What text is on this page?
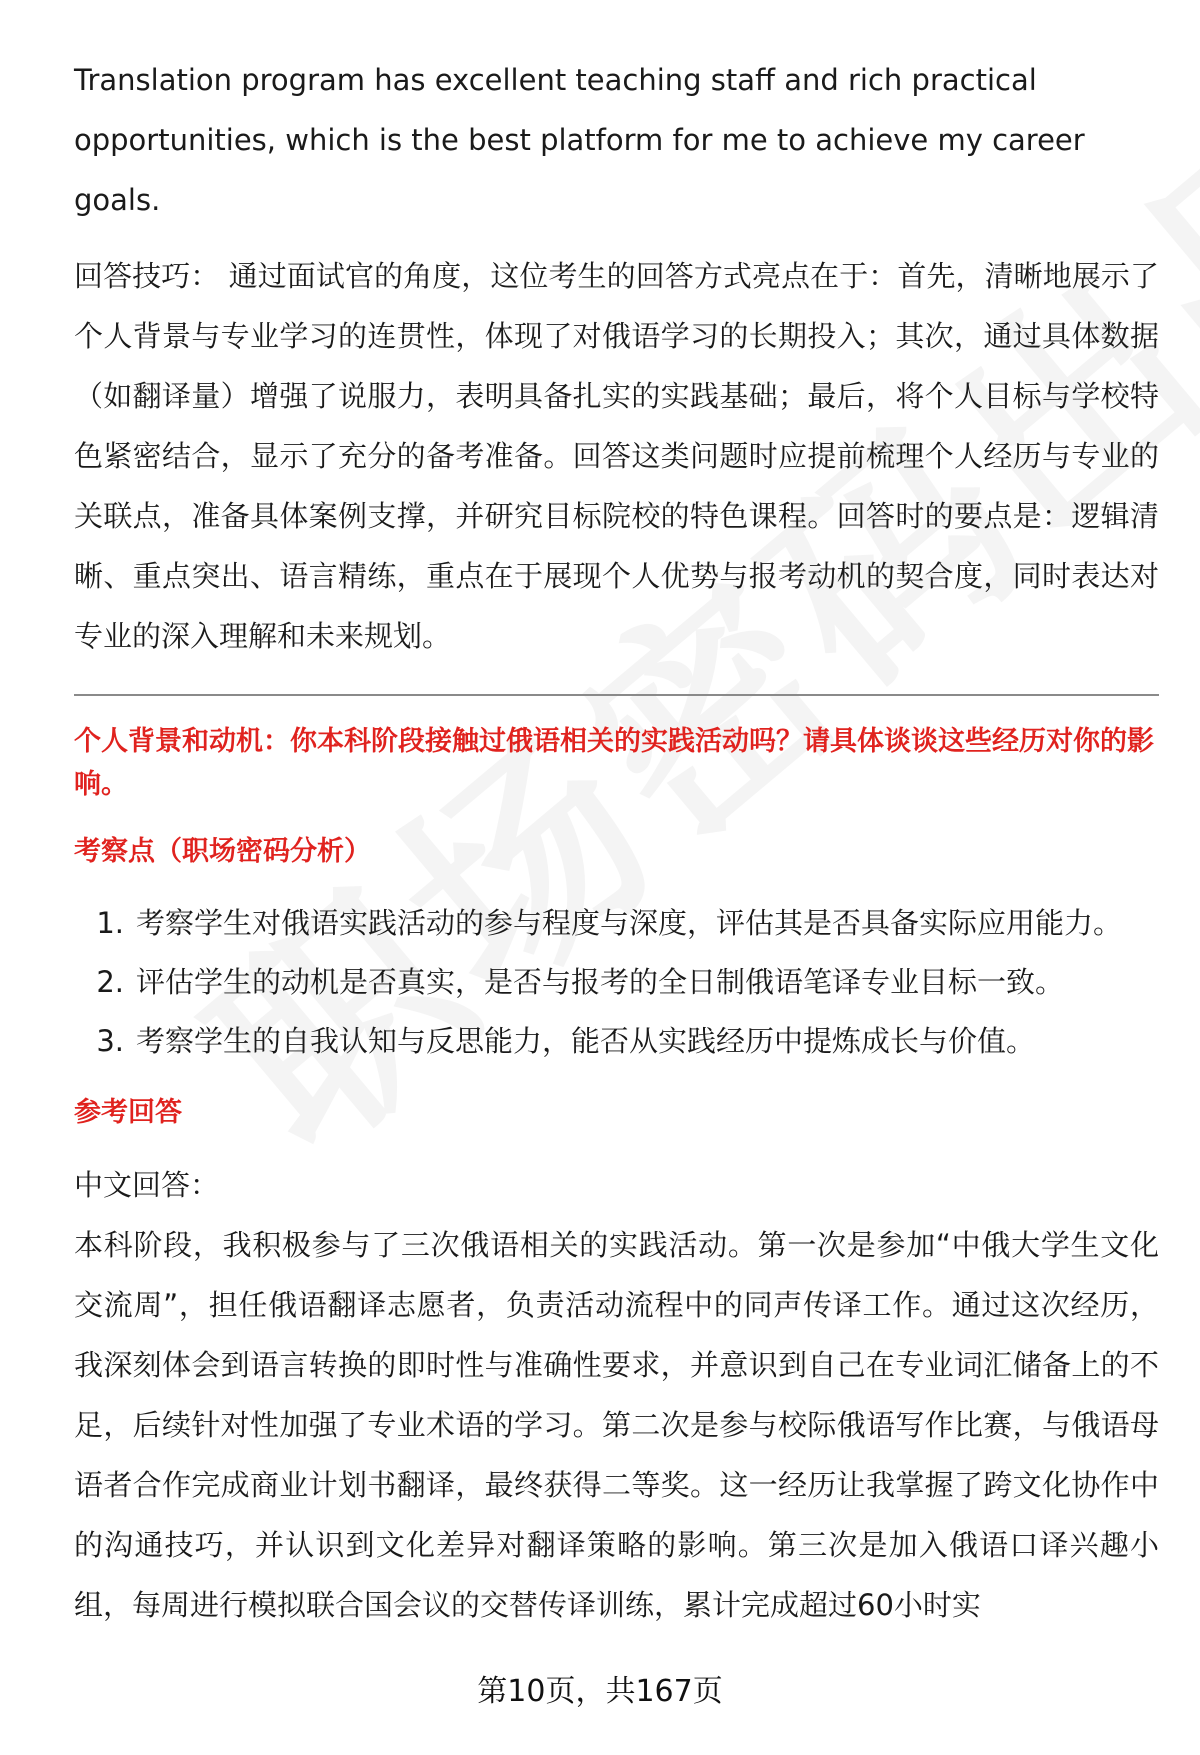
Translation program has excellent teaching staff and rich practical opportunities, which is the best platform for me to achieve my career goals.

回答技巧： 通过面试官的角度，这位考生的回答方式亮点在于：首先，清晰地展示了个人背景与专业学习的连贯性，体现了对俄语学习的长期投入；其次，通过具体数据（如翻译量）增强了说服力，表明具备扎实的实践基础；最后，将个人目标与学校特色紧密结合，显示了充分的备考准备。回答这类问题时应提前梳理个人经历与专业的关联点，准备具体案例支撑，并研究目标院校的特色课程。回答时的要点是：逻辑清晰、重点突出、语言精练，重点在于展现个人优势与报考动机的契合度，同时表达对专业的深入理解和未来规划。

个人背景和动机：你本科阶段接触过俄语相关的实践活动吗？请具体谈谈这些经历对你的影响。

考察点（职场密码分析）

1. 考察学生对俄语实践活动的参与程度与深度，评估其是否具备实际应用能力。
2. 评估学生的动机是否真实，是否与报考的全日制俄语笔译专业目标一致。
3. 考察学生的自我认知与反思能力，能否从实践经历中提炼成长与价值。

参考回答

中文回答：

本科阶段，我积极参与了三次俄语相关的实践活动。第一次是参加“中俄大学生文化交流周”，担任俄语翻译志愿者，负责活动流程中的同声传译工作。通过这次经历，我深刻体会到语言转换的即时性与准确性要求，并意识到自己在专业词汇储备上的不足，后续针对性加强了专业术语的学习。第二次是参与校际俄语写作比赛，与俄语母语者合作完成商业计划书翻译，最终获得二等奖。这一经历让我掌握了跨文化协作中的沟通技巧，并认识到文化差异对翻译策略的影响。第三次是加入俄语口译兴趣小组，每周进行模拟联合国会议的交替传译训练，累计完成超过60小时实

第10页，共167页
